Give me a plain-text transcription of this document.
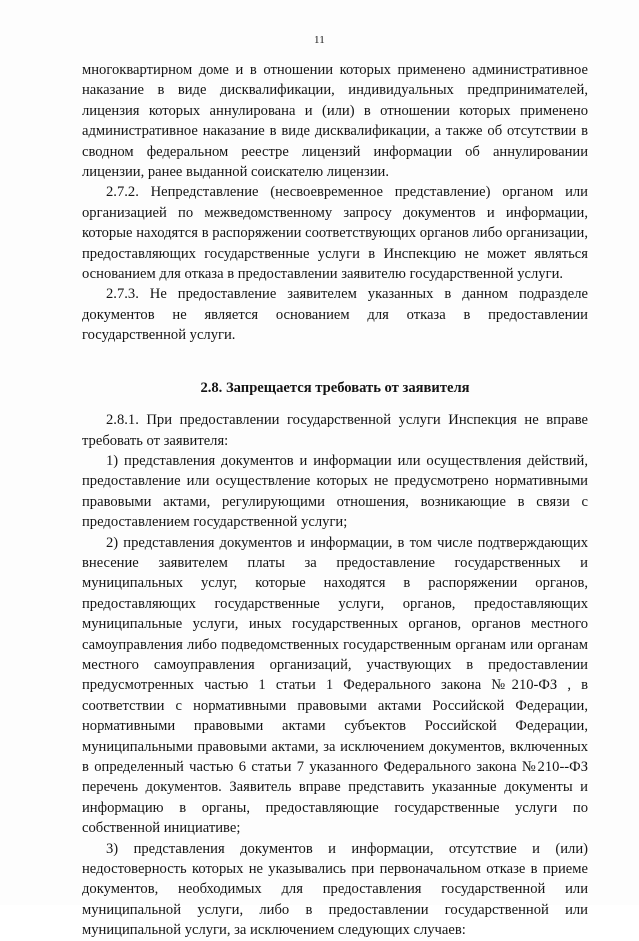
11

многоквартирном доме и в отношении которых применено административное наказание в виде дисквалификации, индивидуальных предпринимателей, лицензия которых аннулирована и (или) в отношении которых применено административное наказание в виде дисквалификации, а также об отсутствии в сводном федеральном реестре лицензий информации об аннулировании лицензии, ранее выданной соискателю лицензии.

2.7.2. Непредставление (несвоевременное представление) органом или организацией по межведомственному запросу документов и информации, которые находятся в распоряжении соответствующих органов либо организации, предоставляющих государственные услуги в Инспекцию не может являться основанием для отказа в предоставлении заявителю государственной услуги.

2.7.3. Не предоставление заявителем указанных в данном подразделе документов не является основанием для отказа в предоставлении государственной услуги.

2.8. Запрещается требовать от заявителя

2.8.1. При предоставлении государственной услуги Инспекция не вправе требовать от заявителя:

1) представления документов и информации или осуществления действий, предоставление или осуществление которых не предусмотрено нормативными правовыми актами, регулирующими отношения, возникающие в связи с предоставлением государственной услуги;

2) представления документов и информации, в том числе подтверждающих внесение заявителем платы за предоставление государственных и муниципальных услуг, которые находятся в распоряжении органов, предоставляющих государственные услуги, органов, предоставляющих муниципальные услуги, иных государственных органов, органов местного самоуправления либо подведомственных государственным органам или органам местного самоуправления организаций, участвующих в предоставлении предусмотренных частью 1 статьи 1 Федерального закона №210-ФЗ , в соответствии с нормативными правовыми актами Российской Федерации, нормативными правовыми актами субъектов Российской Федерации, муниципальными правовыми актами, за исключением документов, включенных в определенный частью 6 статьи 7 указанного Федерального закона №210--ФЗ перечень документов. Заявитель вправе представить указанные документы и информацию в органы, предоставляющие государственные услуги по собственной инициативе;

3) представления документов и информации, отсутствие и (или) недостоверность которых не указывались при первоначальном отказе в приеме документов, необходимых для предоставления государственной или муниципальной услуги, либо в предоставлении государственной или муниципальной услуги, за исключением следующих случаев:
